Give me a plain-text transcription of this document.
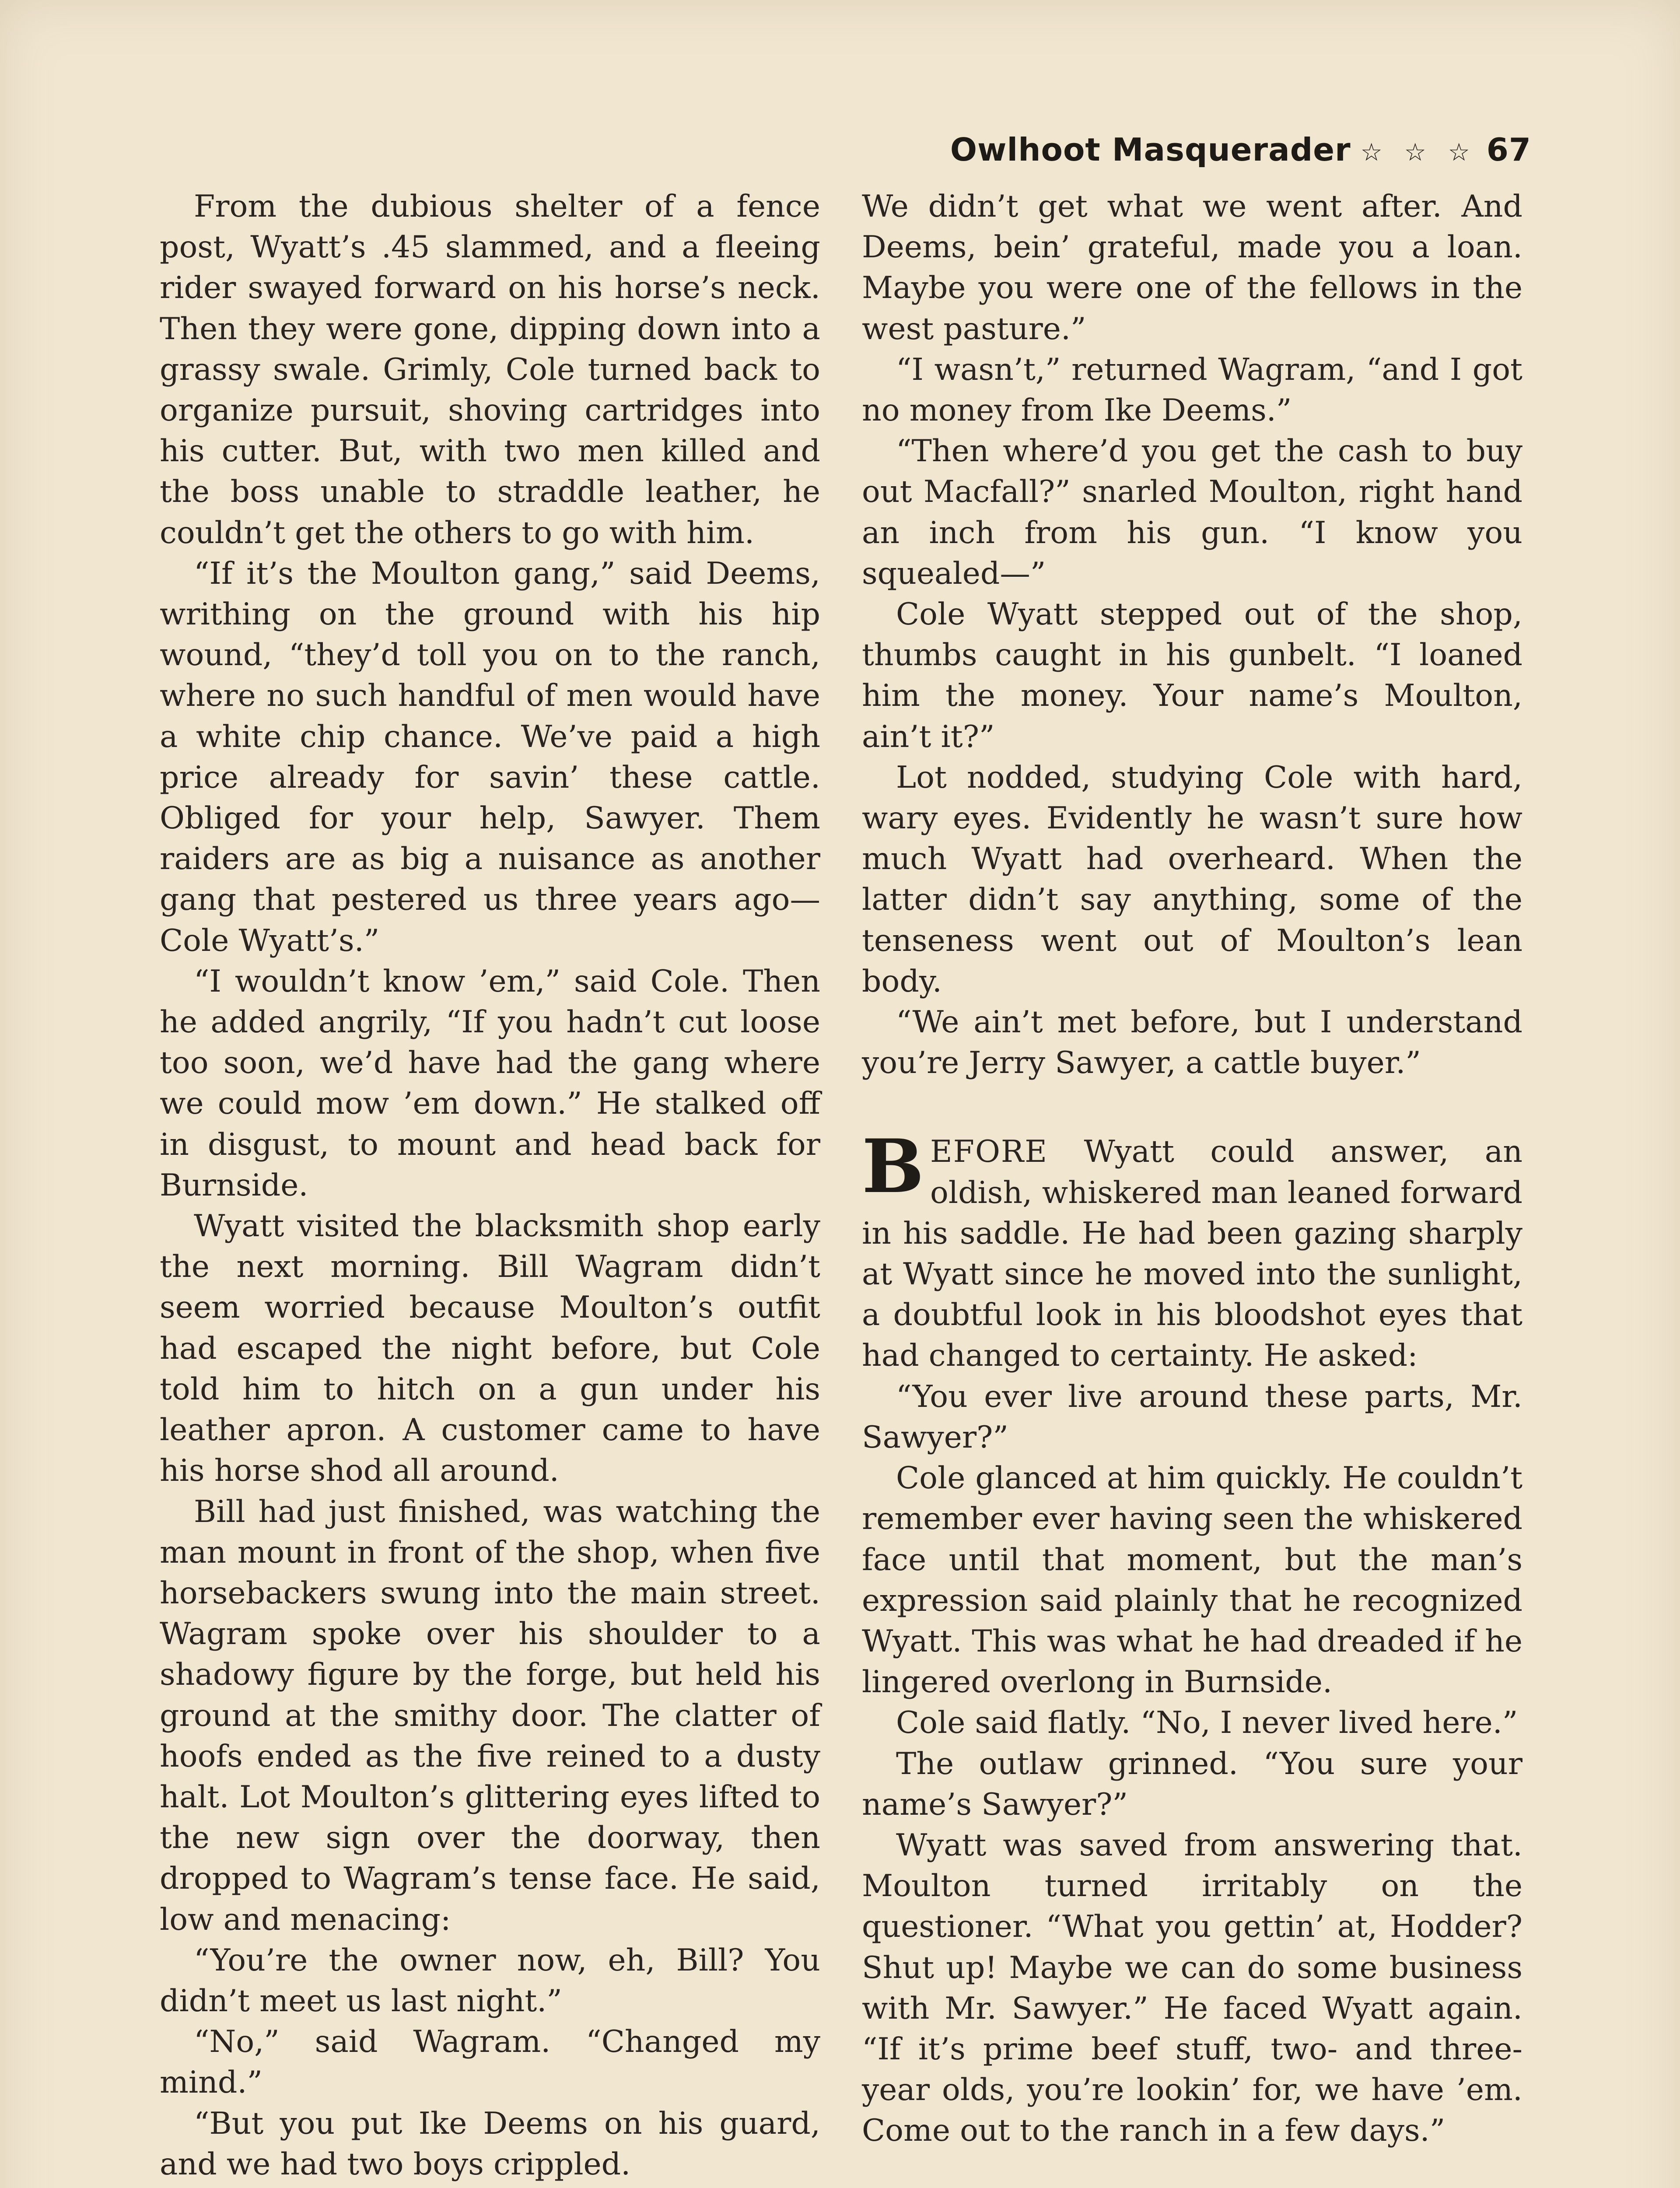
Owlhoot Masquerader ☆ ☆ ☆ 67

From the dubious shelter of a fence post, Wyatt’s .45 slammed, and a fleeing rider swayed forward on his horse’s neck. Then they were gone, dipping down into a grassy swale. Grimly, Cole turned back to organize pursuit, shoving cartridges into his cutter. But, with two men killed and the boss unable to straddle leather, he couldn’t get the others to go with him.

“If it’s the Moulton gang,” said Deems, writhing on the ground with his hip wound, “they’d toll you on to the ranch, where no such handful of men would have a white chip chance. We’ve paid a high price already for savin’ these cattle. Obliged for your help, Sawyer. Them raiders are as big a nuisance as another gang that pestered us three years ago—Cole Wyatt’s.”

“I wouldn’t know ’em,” said Cole. Then he added angrily, “If you hadn’t cut loose too soon, we’d have had the gang where we could mow ’em down.” He stalked off in disgust, to mount and head back for Burnside.

Wyatt visited the blacksmith shop early the next morning. Bill Wagram didn’t seem worried because Moulton’s outfit had escaped the night before, but Cole told him to hitch on a gun under his leather apron. A customer came to have his horse shod all around.

Bill had just finished, was watching the man mount in front of the shop, when five horsebackers swung into the main street. Wagram spoke over his shoulder to a shadowy figure by the forge, but held his ground at the smithy door. The clatter of hoofs ended as the five reined to a dusty halt. Lot Moulton’s glittering eyes lifted to the new sign over the doorway, then dropped to Wagram’s tense face. He said, low and menacing:

“You’re the owner now, eh, Bill? You didn’t meet us last night.”

“No,” said Wagram. “Changed my mind.”

“But you put Ike Deems on his guard, and we had two boys crippled.

We didn’t get what we went after. And Deems, bein’ grateful, made you a loan. Maybe you were one of the fellows in the west pasture.”

“I wasn’t,” returned Wagram, “and I got no money from Ike Deems.”

“Then where’d you get the cash to buy out Macfall?” snarled Moulton, right hand an inch from his gun. “I know you squealed—”

Cole Wyatt stepped out of the shop, thumbs caught in his gunbelt. “I loaned him the money. Your name’s Moulton, ain’t it?”

Lot nodded, studying Cole with hard, wary eyes. Evidently he wasn’t sure how much Wyatt had overheard. When the latter didn’t say anything, some of the tenseness went out of Moulton’s lean body.

“We ain’t met before, but I understand you’re Jerry Sawyer, a cattle buyer.”

BEFORE Wyatt could answer, an oldish, whiskered man leaned forward in his saddle. He had been gazing sharply at Wyatt since he moved into the sunlight, a doubtful look in his bloodshot eyes that had changed to certainty. He asked:

“You ever live around these parts, Mr. Sawyer?”

Cole glanced at him quickly. He couldn’t remember ever having seen the whiskered face until that moment, but the man’s expression said plainly that he recognized Wyatt. This was what he had dreaded if he lingered overlong in Burnside.

Cole said flatly. “No, I never lived here.”

The outlaw grinned. “You sure your name’s Sawyer?”

Wyatt was saved from answering that. Moulton turned irritably on the questioner. “What you gettin’ at, Hodder? Shut up! Maybe we can do some business with Mr. Sawyer.” He faced Wyatt again. “If it’s prime beef stuff, two- and three-year olds, you’re lookin’ for, we have ’em. Come out to the ranch in a few days.”
